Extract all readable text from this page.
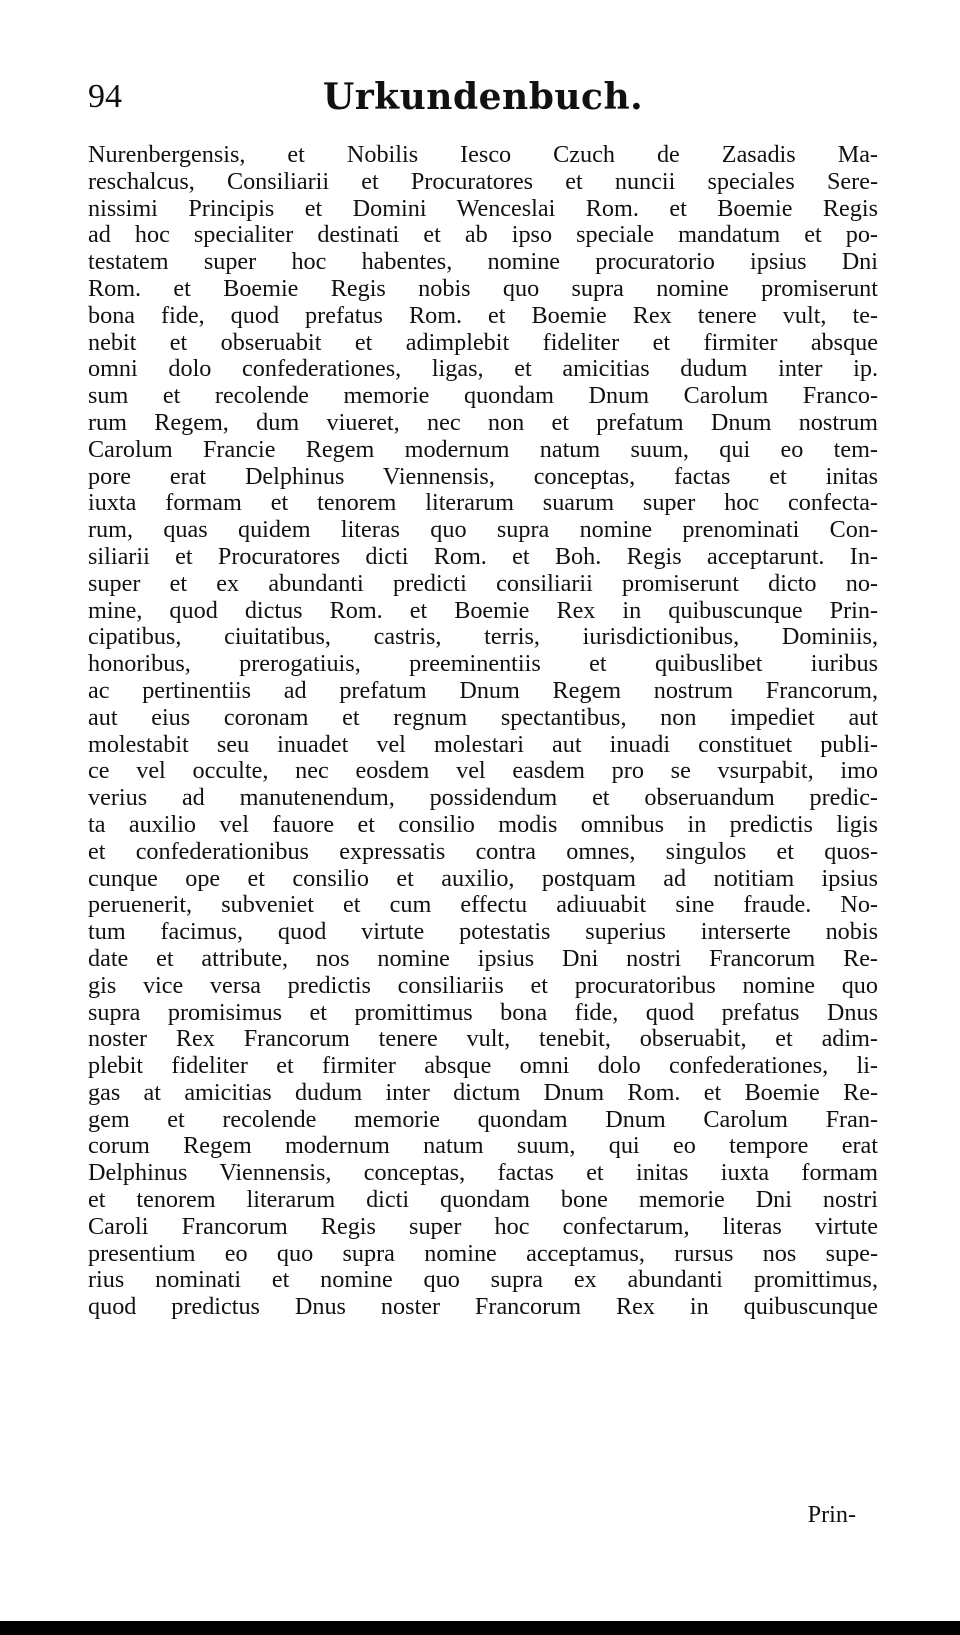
94	Urkundenbuch.
Nurenbergensis, et Nobilis Iesco Czuch de Zasadis Ma-
reschalcus, Consiliarii et Procuratores et nuncii speciales Sere-
nissimi Principis et Domini Wenceslai Rom. et Boemie Regis
ad hoc specialiter destinati et ab ipso speciale mandatum et po-
testatem super hoc habentes, nomine procuratorio ipsius Dni
Rom. et Boemie Regis nobis quo supra nomine promiserunt
bona fide, quod prefatus Rom. et Boemie Rex tenere vult, te-
nebit et obseruabit et adimplebit fideliter et firmiter absque
omni dolo confederationes, ligas, et amicitias dudum inter ip.
sum et recolende memorie quondam Dnum Carolum Franco-
rum Regem, dum viueret, nec non et prefatum Dnum nostrum
Carolum Francie Regem modernum natum suum, qui eo tem-
pore erat Delphinus Viennensis, conceptas, factas et initas
iuxta formam et tenorem literarum suarum super hoc confecta-
rum, quas quidem literas quo supra nomine prenominati Con-
siliarii et Procuratores dicti Rom. et Boh. Regis acceptarunt. In-
super et ex abundanti predicti consiliarii promiserunt dicto no-
mine, quod dictus Rom. et Boemie Rex in quibuscunque Prin-
cipatibus, ciuitatibus, castris, terris, iurisdictionibus, Dominiis,
honoribus, prerogatiuis, preeminentiis et quibuslibet iuribus
ac pertinentiis ad prefatum Dnum Regem nostrum Francorum,
aut eius coronam et regnum spectantibus, non impediet aut
molestabit seu inuadet vel molestari aut inuadi constituet publi-
ce vel occulte, nec eosdem vel easdem pro se vsurpabit, imo
verius ad manutenendum, possidendum et obseruandum predic-
ta auxilio vel fauore et consilio modis omnibus in predictis ligis
et confederationibus expressatis contra omnes, singulos et quos-
cunque ope et consilio et auxilio, postquam ad notitiam ipsius
peruenerit, subveniet et cum effectu adiuuabit sine fraude. No-
tum facimus, quod virtute potestatis superius interserte nobis
date et attribute, nos nomine ipsius Dni nostri Francorum Re-
gis vice versa predictis consiliariis et procuratoribus nomine quo
supra promisimus et promittimus bona fide, quod prefatus Dnus
noster Rex Francorum tenere vult, tenebit, obseruabit, et adim-
plebit fideliter et firmiter absque omni dolo confederationes, li-
gas at amicitias dudum inter dictum Dnum Rom. et Boemie Re-
gem et recolende memorie quondam Dnum Carolum Fran-
corum Regem modernum natum suum, qui eo tempore erat
Delphinus Viennensis, conceptas, factas et initas iuxta formam
et tenorem literarum dicti quondam bone memorie Dni nostri
Caroli Francorum Regis super hoc confectarum, literas virtute
presentium eo quo supra nomine acceptamus, rursus nos supe-
rius nominati et nomine quo supra ex abundanti promittimus,
quod predictus Dnus noster Francorum Rex in quibuscunque
Prin-
